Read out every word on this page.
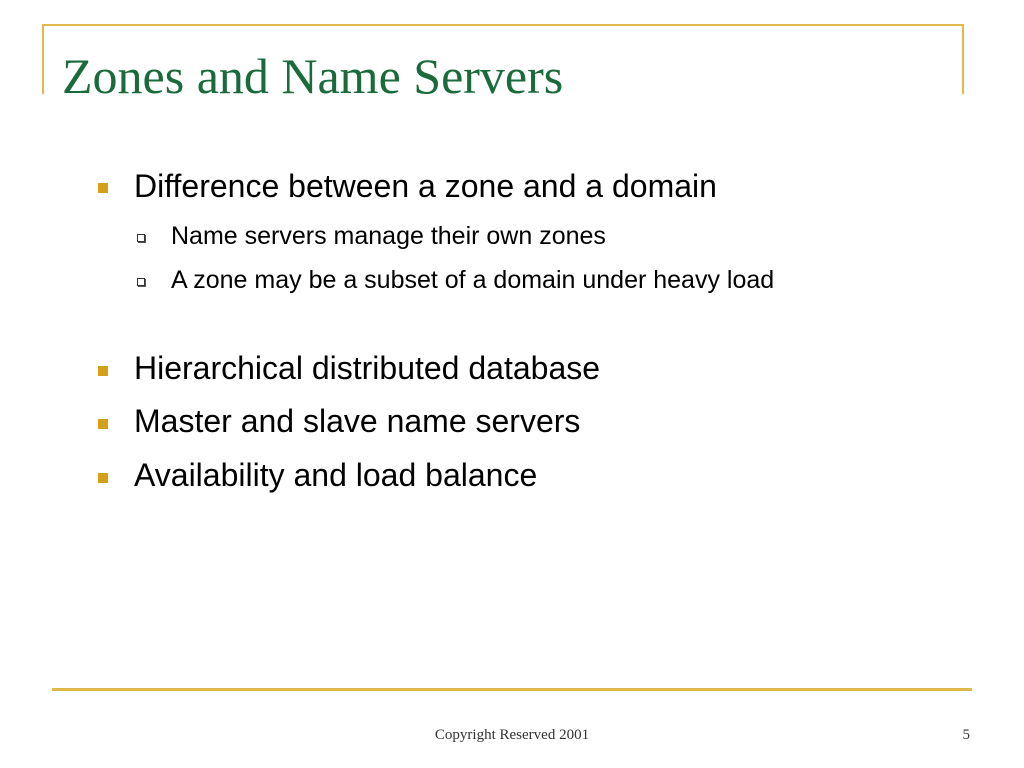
Zones and Name Servers
Difference between a zone and a domain
Name servers manage their own zones
A zone may be a subset of a domain under heavy load
Hierarchical distributed database
Master and slave name servers
Availability and load balance
Copyright Reserved 2001	5
